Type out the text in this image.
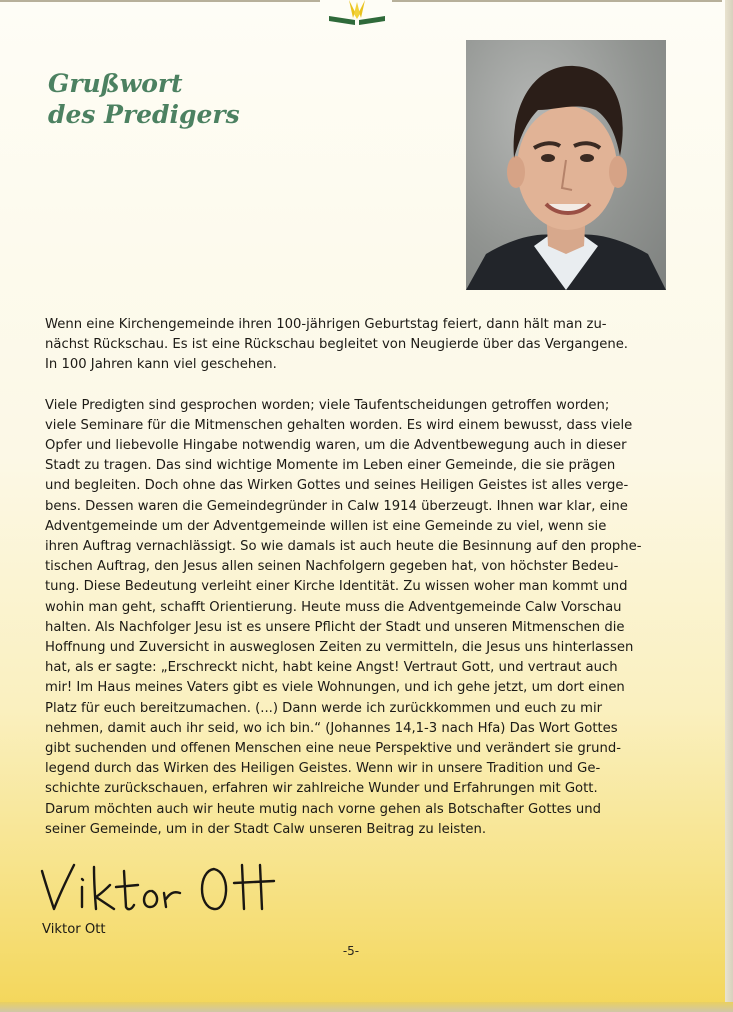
Grußwort
des Predigers
Wenn eine Kirchengemeinde ihren 100-jährigen Geburtstag feiert, dann hält man zu-
nächst Rückschau. Es ist eine Rückschau begleitet von Neugierde über das Vergangene.
In 100 Jahren kann viel geschehen.
Viele Predigten sind gesprochen worden; viele Taufentscheidungen getroffen worden;
viele Seminare für die Mitmenschen gehalten worden. Es wird einem bewusst, dass viele
Opfer und liebevolle Hingabe notwendig waren, um die Adventbewegung auch in dieser
Stadt zu tragen. Das sind wichtige Momente im Leben einer Gemeinde, die sie prägen
und begleiten. Doch ohne das Wirken Gottes und seines Heiligen Geistes ist alles verge-
bens. Dessen waren die Gemeindegründer in Calw 1914 überzeugt. Ihnen war klar, eine
Adventgemeinde um der Adventgemeinde willen ist eine Gemeinde zu viel, wenn sie
ihren Auftrag vernachlässigt. So wie damals ist auch heute die Besinnung auf den prophe-
tischen Auftrag, den Jesus allen seinen Nachfolgern gegeben hat, von höchster Bedeu-
tung. Diese Bedeutung verleiht einer Kirche Identität. Zu wissen woher man kommt und
wohin man geht, schafft Orientierung. Heute muss die Adventgemeinde Calw Vorschau
halten. Als Nachfolger Jesu ist es unsere Pflicht der Stadt und unseren Mitmenschen die
Hoffnung und Zuversicht in ausweglosen Zeiten zu vermitteln, die Jesus uns hinterlassen
hat, als er sagte: „Erschreckt nicht, habt keine Angst! Vertraut Gott, und vertraut auch
mir! Im Haus meines Vaters gibt es viele Wohnungen, und ich gehe jetzt, um dort einen
Platz für euch bereitzumachen. (...) Dann werde ich zurückkommen und euch zu mir
nehmen, damit auch ihr seid, wo ich bin.“ (Johannes 14,1-3 nach Hfa) Das Wort Gottes
gibt suchenden und offenen Menschen eine neue Perspektive und verändert sie grund-
legend durch das Wirken des Heiligen Geistes. Wenn wir in unsere Tradition und Ge-
schichte zurückschauen, erfahren wir zahlreiche Wunder und Erfahrungen mit Gott.
Darum möchten auch wir heute mutig nach vorne gehen als Botschafter Gottes und
seiner Gemeinde, um in der Stadt Calw unseren Beitrag zu leisten.
Viktor Ott
-5-
